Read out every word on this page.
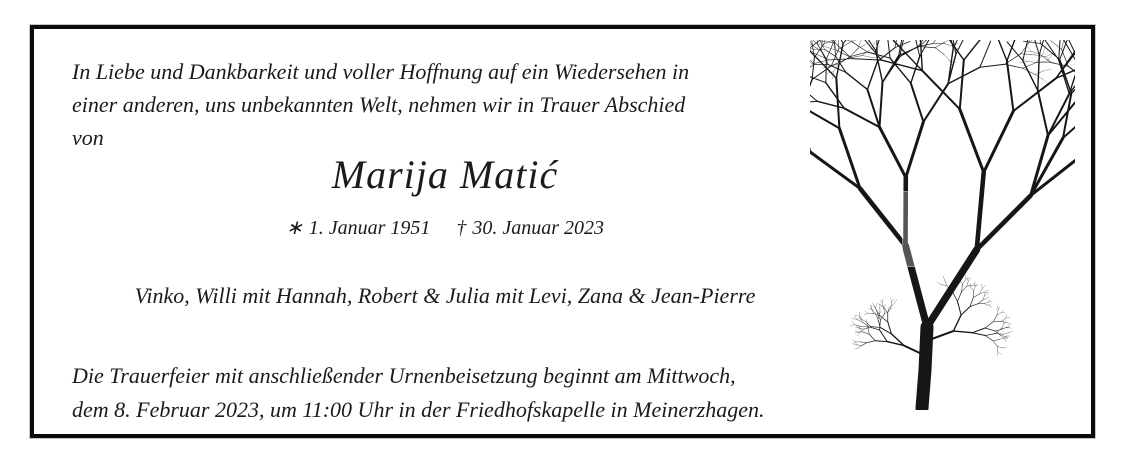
In Liebe und Dankbarkeit und voller Hoffnung auf ein Wiedersehen in
einer anderen, uns unbekannten Welt, nehmen wir in Trauer Abschied
von
Marija Matić
∗ 1. Januar 1951 † 30. Januar 2023
Vinko, Willi mit Hannah, Robert & Julia mit Levi, Zana & Jean-Pierre
Die Trauerfeier mit anschließender Urnenbeisetzung beginnt am Mittwoch,
dem 8. Februar 2023, um 11:00 Uhr in der Friedhofskapelle in Meinerzhagen.
